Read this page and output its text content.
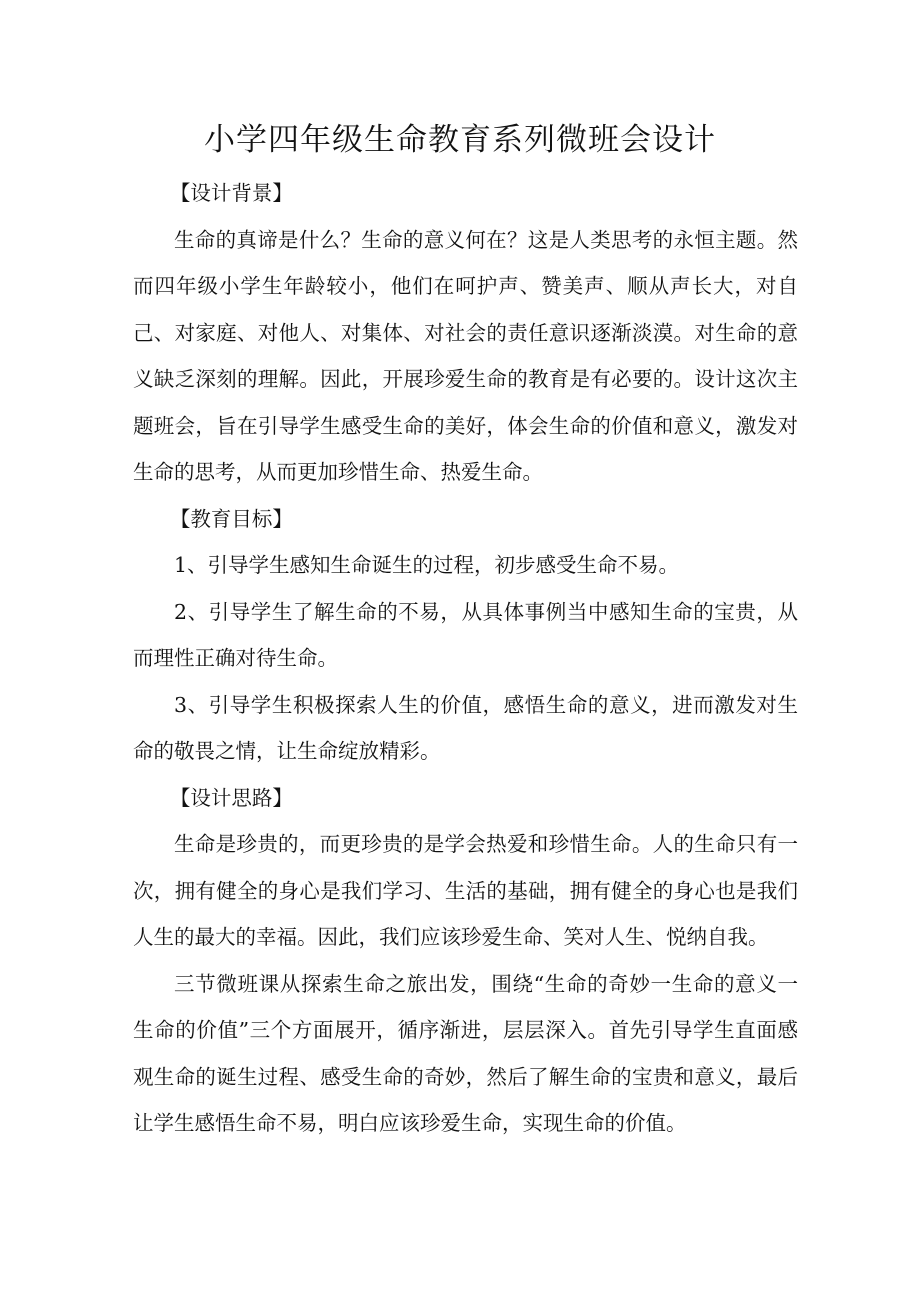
小学四年级生命教育系列微班会设计

【设计背景】

生命的真谛是什么？生命的意义何在？这是人类思考的永恒主题。然而四年级小学生年龄较小，他们在呵护声、赞美声、顺从声长大，对自己、对家庭、对他人、对集体、对社会的责任意识逐渐淡漠。对生命的意义缺乏深刻的理解。因此，开展珍爱生命的教育是有必要的。设计这次主题班会，旨在引导学生感受生命的美好，体会生命的价值和意义，激发对生命的思考，从而更加珍惜生命、热爱生命。

【教育目标】

1、引导学生感知生命诞生的过程，初步感受生命不易。

2、引导学生了解生命的不易，从具体事例当中感知生命的宝贵，从而理性正确对待生命。

3、引导学生积极探索人生的价值，感悟生命的意义，进而激发对生命的敬畏之情，让生命绽放精彩。

【设计思路】

生命是珍贵的，而更珍贵的是学会热爱和珍惜生命。人的生命只有一次，拥有健全的身心是我们学习、生活的基础，拥有健全的身心也是我们人生的最大的幸福。因此，我们应该珍爱生命、笑对人生、悦纳自我。

三节微班课从探索生命之旅出发，围绕“生命的奇妙一生命的意义一生命的价值”三个方面展开，循序渐进，层层深入。首先引导学生直面感观生命的诞生过程、感受生命的奇妙，然后了解生命的宝贵和意义，最后让学生感悟生命不易，明白应该珍爱生命，实现生命的价值。
